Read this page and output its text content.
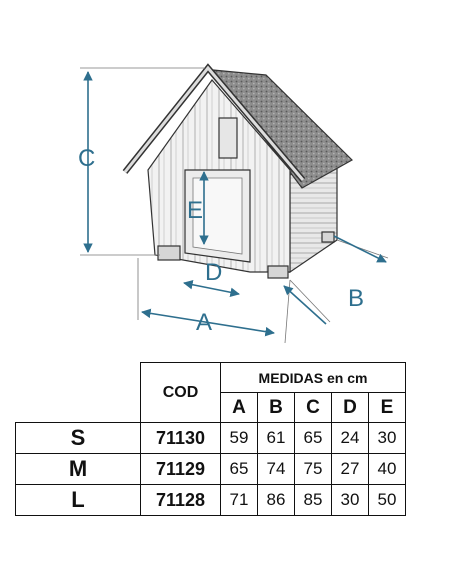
C
E
D
A
B
	COD	MEDIDAS en cm				
		A	B	C	D	E
S	71130	59	61	65	24	30
M	71129	65	74	75	27	40
L	71128	71	86	85	30	50
